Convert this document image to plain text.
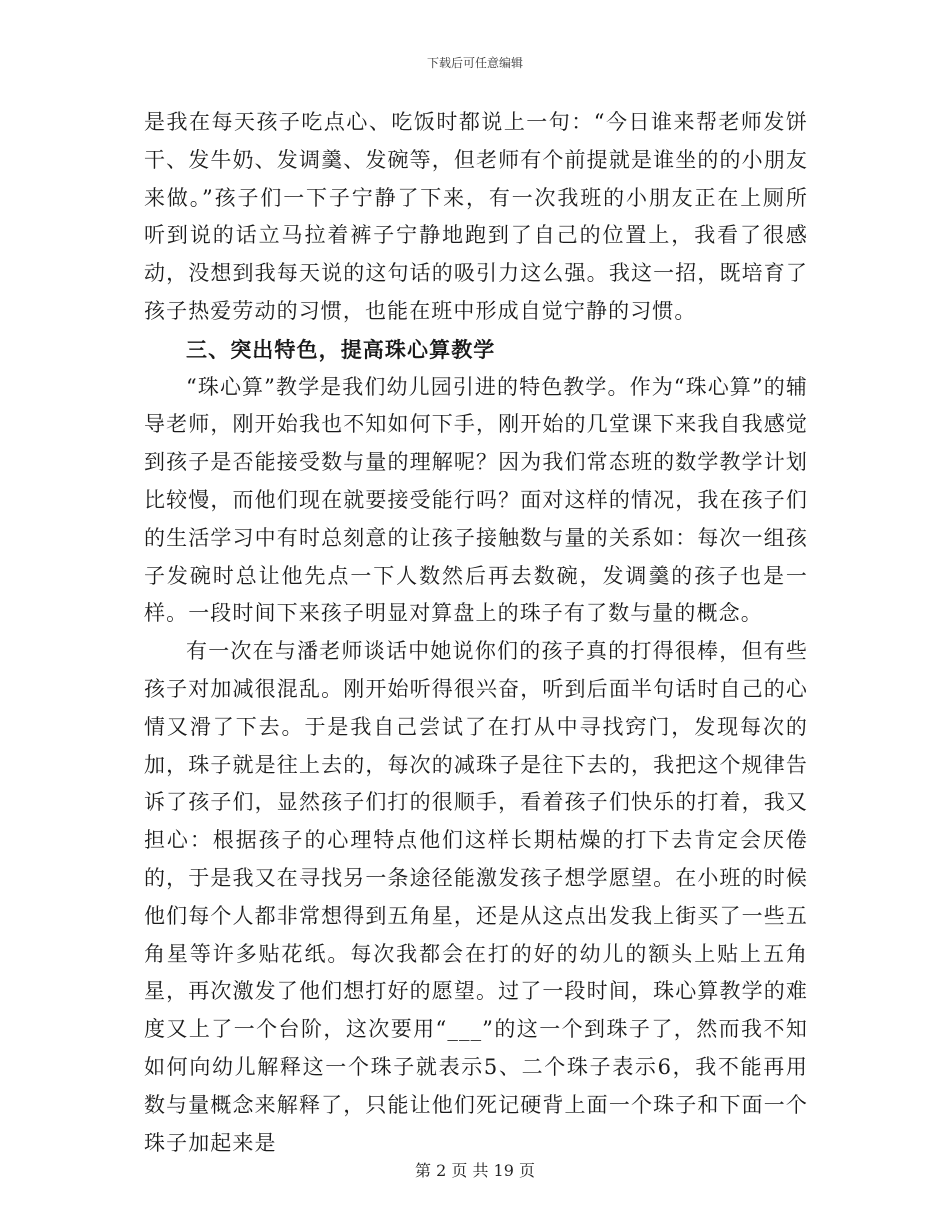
下载后可任意编辑

是我在每天孩子吃点心、吃饭时都说上一句：“今日谁来帮老师发饼干、发牛奶、发调羹、发碗等，但老师有个前提就是谁坐的的小朋友来做。”孩子们一下子宁静了下来，有一次我班的小朋友正在上厕所听到说的话立马拉着裤子宁静地跑到了自己的位置上，我看了很感动，没想到我每天说的这句话的吸引力这么强。我这一招，既培育了孩子热爱劳动的习惯，也能在班中形成自觉宁静的习惯。

三、突出特色，提高珠心算教学

“珠心算”教学是我们幼儿园引进的特色教学。作为“珠心算”的辅导老师，刚开始我也不知如何下手，刚开始的几堂课下来我自我感觉到孩子是否能接受数与量的理解呢？因为我们常态班的数学教学计划比较慢，而他们现在就要接受能行吗？面对这样的情况，我在孩子们的生活学习中有时总刻意的让孩子接触数与量的关系如：每次一组孩子发碗时总让他先点一下人数然后再去数碗，发调羹的孩子也是一样。一段时间下来孩子明显对算盘上的珠子有了数与量的概念。

有一次在与潘老师谈话中她说你们的孩子真的打得很棒，但有些孩子对加减很混乱。刚开始听得很兴奋，听到后面半句话时自己的心情又滑了下去。于是我自己尝试了在打从中寻找窍门，发现每次的加，珠子就是往上去的，每次的减珠子是往下去的，我把这个规律告诉了孩子们，显然孩子们打的很顺手，看着孩子们快乐的打着，我又担心：根据孩子的心理特点他们这样长期枯燥的打下去肯定会厌倦的，于是我又在寻找另一条途径能激发孩子想学愿望。在小班的时候他们每个人都非常想得到五角星，还是从这点出发我上街买了一些五角星等许多贴花纸。每次我都会在打的好的幼儿的额头上贴上五角星，再次激发了他们想打好的愿望。过了一段时间，珠心算教学的难度又上了一个台阶，这次要用“___”的这一个到珠子了，然而我不知如何向幼儿解释这一个珠子就表示5、二个珠子表示6，我不能再用数与量概念来解释了，只能让他们死记硬背上面一个珠子和下面一个珠子加起来是

第 2 页 共 19 页
